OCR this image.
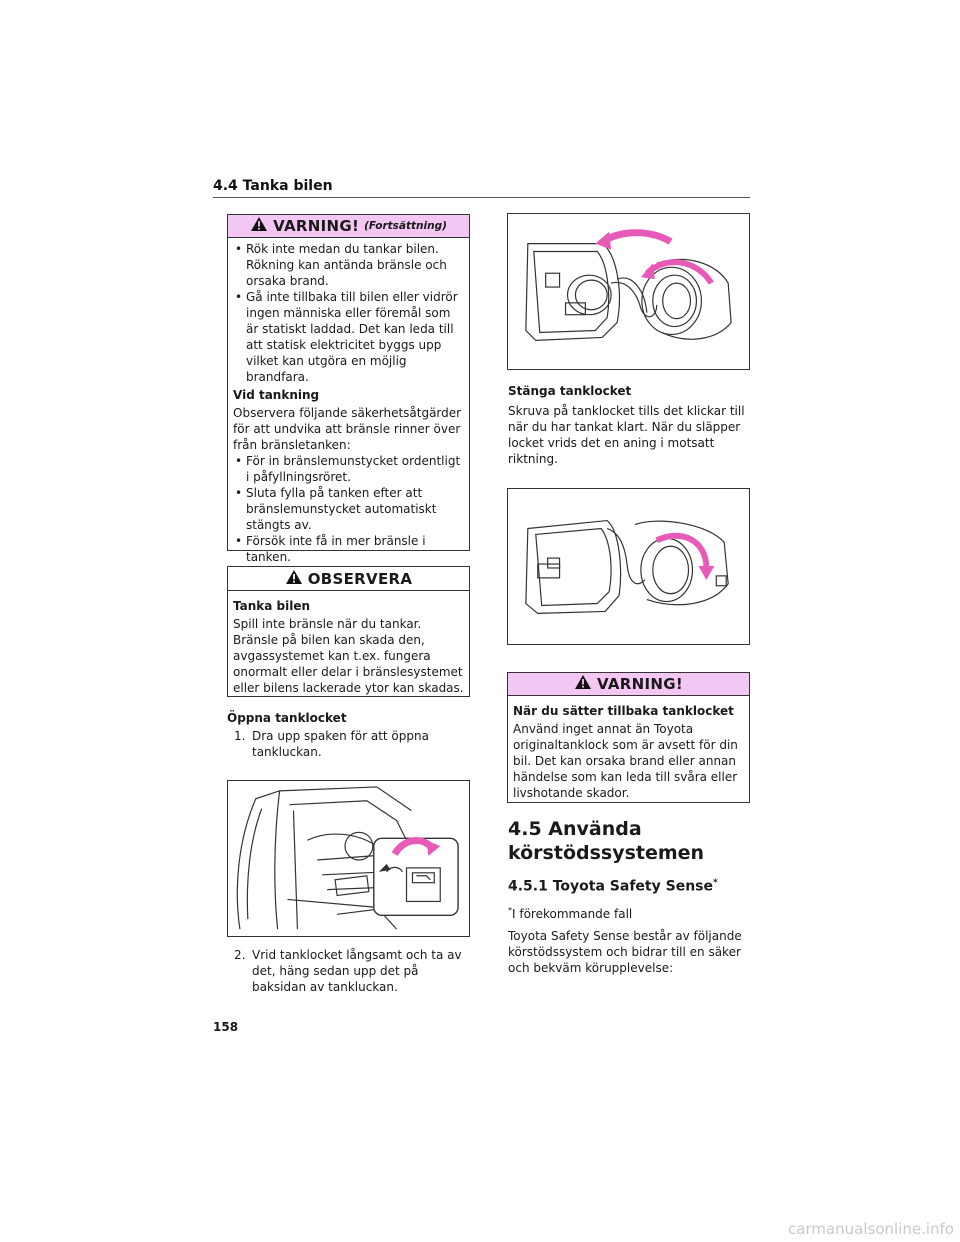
4.4 Tanka bilen
VARNING! (Fortsättning)
• Rök inte medan du tankar bilen. Rökning kan antända bränsle och orsaka brand.
• Gå inte tillbaka till bilen eller vidrör ingen människa eller föremål som är statiskt laddad. Det kan leda till att statisk elektricitet byggs upp vilket kan utgöra en möjlig brandfara.

Vid tankning

Observera följande säkerhetsåtgärder för att undvika att bränsle rinner över från bränsletanken:

• För in bränslemunstycket ordentligt i påfyllningsröret.
• Sluta fylla på tanken efter att bränslemunstycket automatiskt stängts av.
• Försök inte få in mer bränsle i tanken.
OBSERVERA

Tanka bilen

Spill inte bränsle när du tankar. Bränsle på bilen kan skada den, avgassystemet kan t.ex. fungera onormalt eller delar i bränslesystemet eller bilens lackerade ytor kan skadas.

Öppna tanklocket

1. Dra upp spaken för att öppna tankluckan.
2. Vrid tanklocket långsamt och ta av det, häng sedan upp det på baksidan av tankluckan.

Stänga tanklocket

Skruva på tanklocket tills det klickar till när du har tankat klart. När du släpper locket vrids det en aning i motsatt riktning.

VARNING!

När du sätter tillbaka tanklocket

Använd inget annat än Toyota originaltanklock som är avsett för din bil. Det kan orsaka brand eller annan händelse som kan leda till svåra eller livshotande skador.

4.5 Använda körstödssystemen
4.5.1 Toyota Safety Sense*

*I förekommande fall

Toyota Safety Sense består av följande körstödssystem och bidrar till en säker och bekväm körupplevelse:

158
carmanualsonline.info
